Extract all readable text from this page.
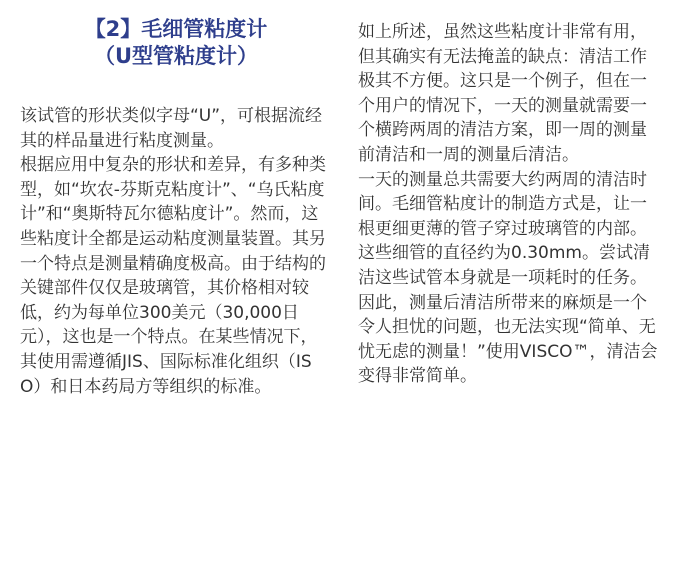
【2】毛细管粘度计
（U型管粘度计）

该试管的形状类似字母“U”，可根据流经其的样品量进行粘度测量。

根据应用中复杂的形状和差异，有多种类型，如“坎农-芬斯克粘度计”、“乌氏粘度计”和“奥斯特瓦尔德粘度计”。然而，这些粘度计全都是运动粘度测量装置。其另一个特点是测量精确度极高。由于结构的关键部件仅仅是玻璃管，其价格相对较低，约为每单位300美元（30,000日元），这也是一个特点。在某些情况下，其使用需遵循JIS、国际标准化组织（ISO）和日本药局方等组织的标准。

如上所述，虽然这些粘度计非常有用，但其确实有无法掩盖的缺点：清洁工作极其不方便。这只是一个例子，但在一个用户的情况下，一天的测量就需要一个横跨两周的清洁方案，即一周的测量前清洁和一周的测量后清洁。

一天的测量总共需要大约两周的清洁时间。毛细管粘度计的制造方式是，让一根更细更薄的管子穿过玻璃管的内部。这些细管的直径约为0.30mm。尝试清洁这些试管本身就是一项耗时的任务。因此，测量后清洁所带来的麻烦是一个令人担忧的问题，也无法实现“简单、无忧无虑的测量！”使用VISCO™，清洁会变得非常简单。
